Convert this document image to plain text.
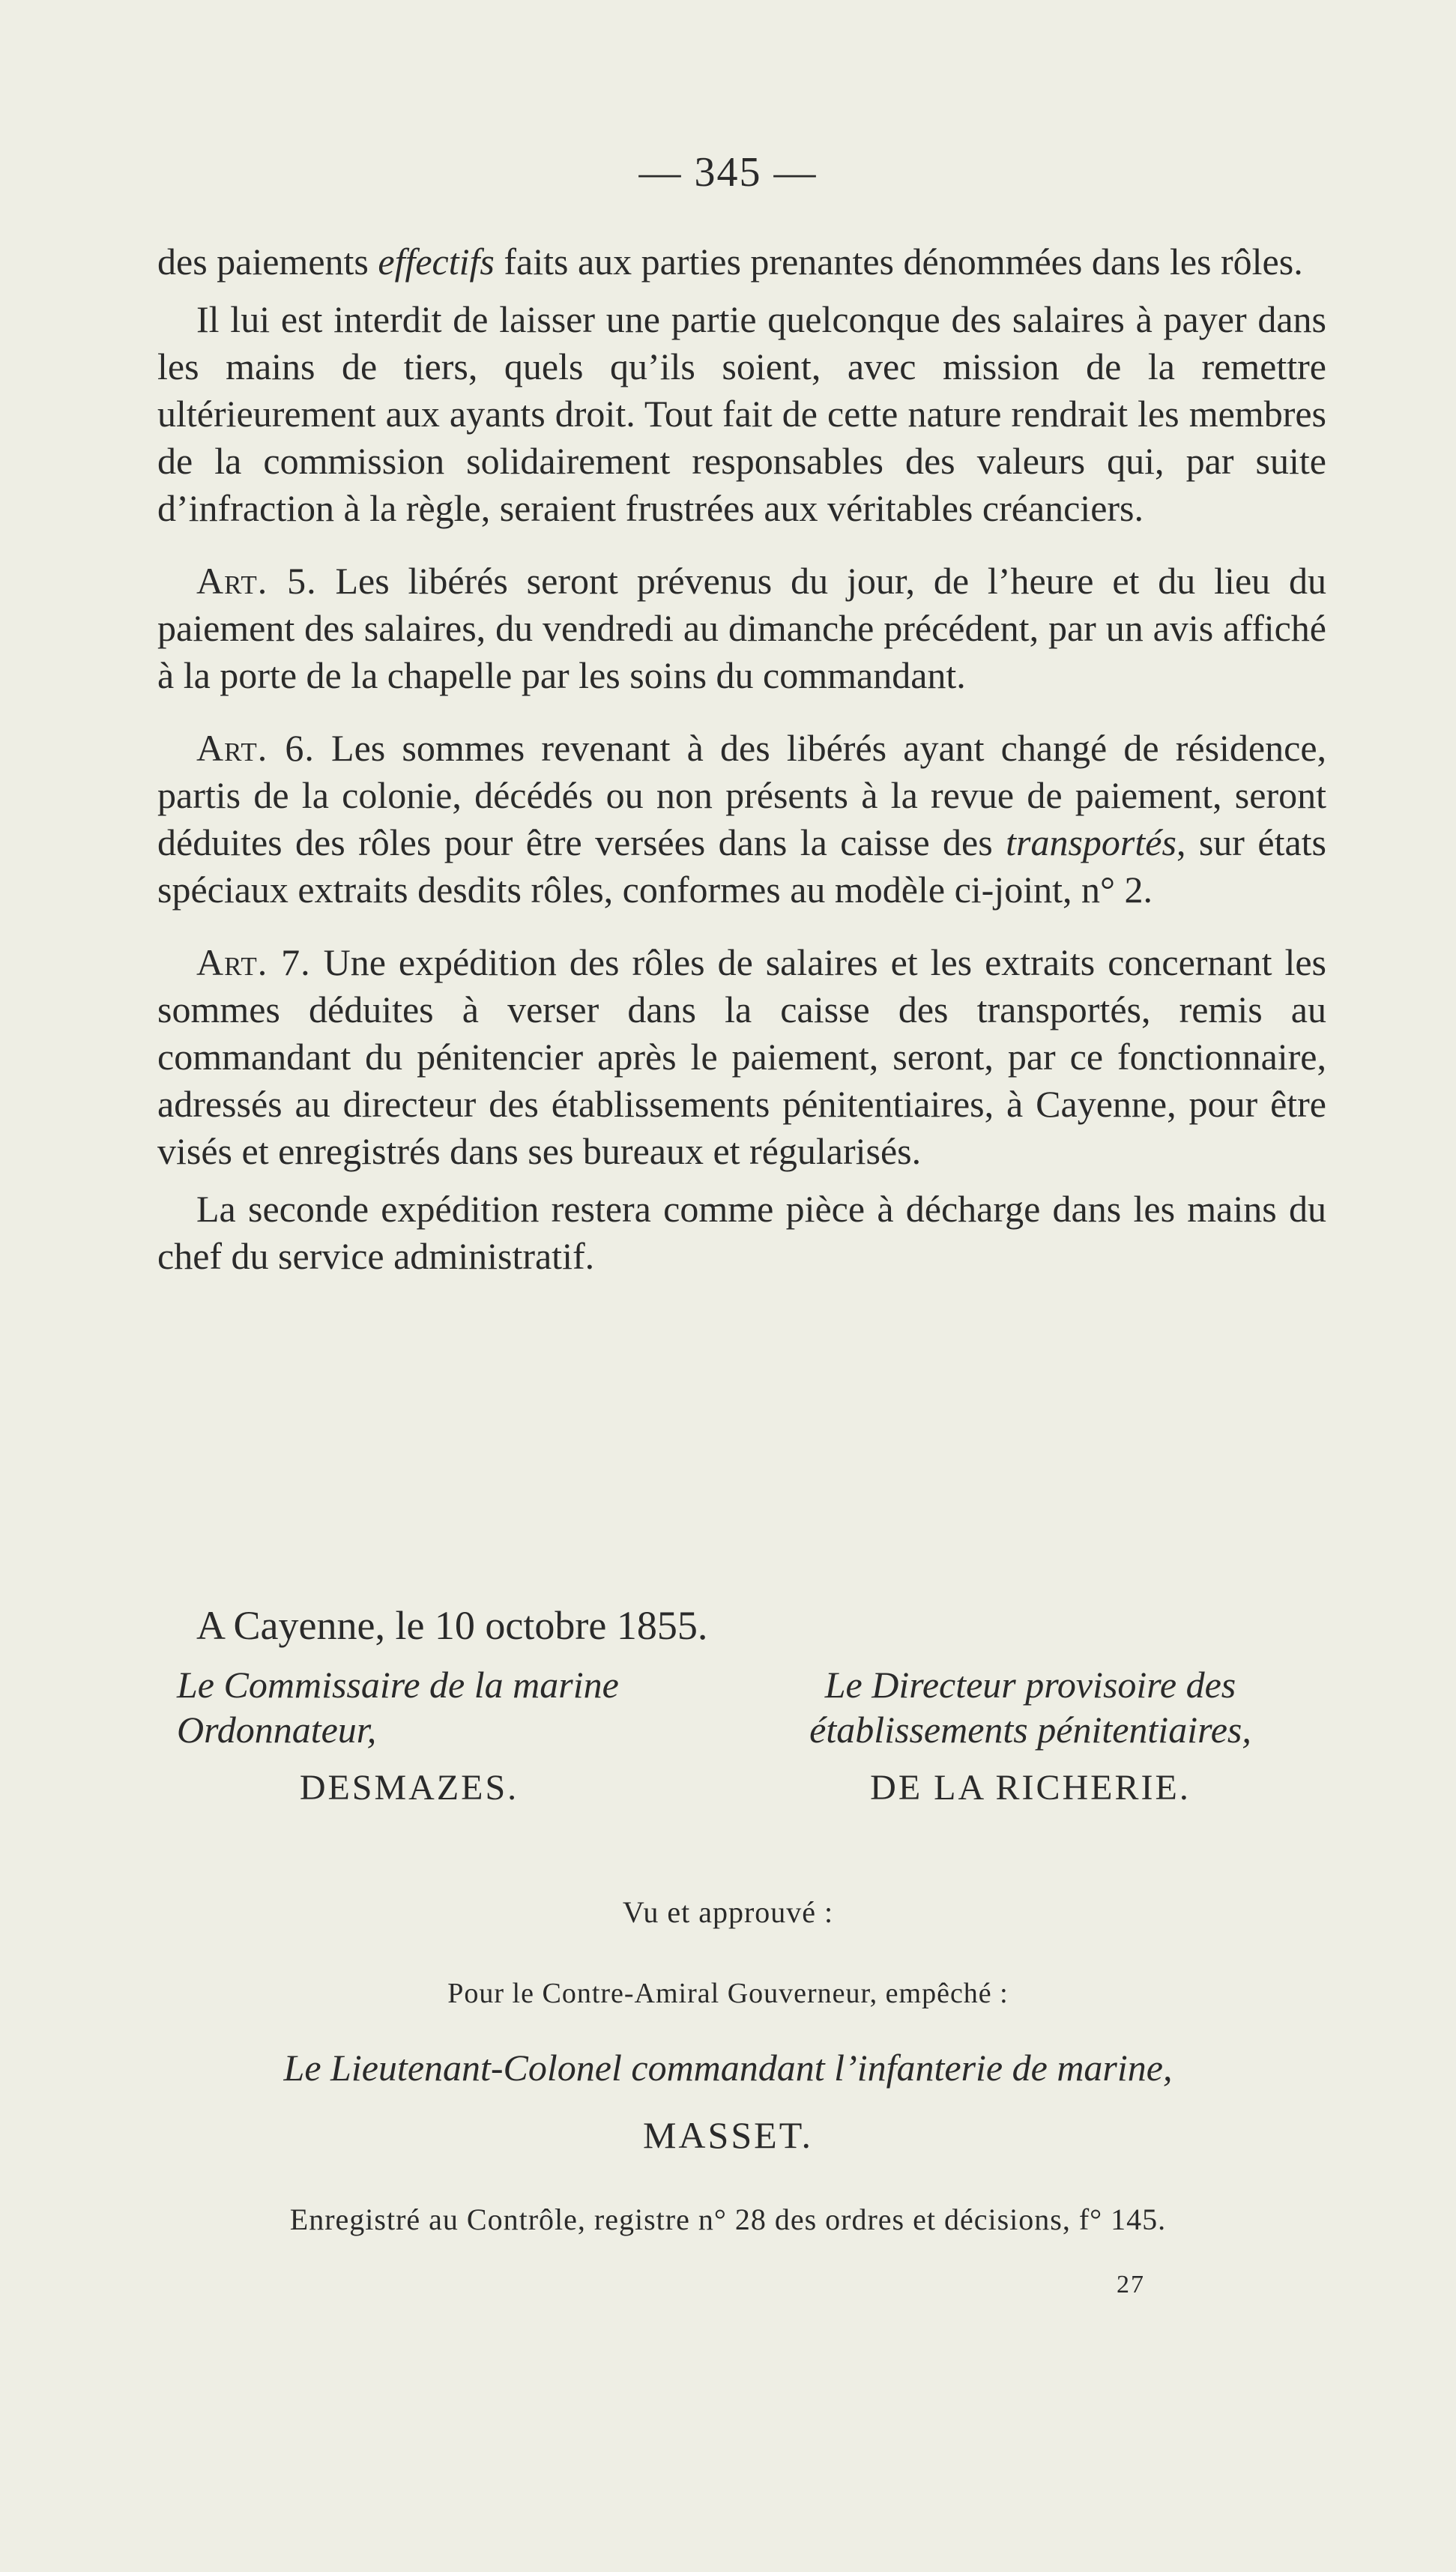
— 345 —

des paiements effectifs faits aux parties prenantes dénommées dans les rôles.

Il lui est interdit de laisser une partie quelconque des salaires à payer dans les mains de tiers, quels qu’ils soient, avec mission de la remettre ultérieurement aux ayants droit. Tout fait de cette nature rendrait les membres de la commission solidairement responsables des valeurs qui, par suite d’infraction à la règle, seraient frustrées aux véritables créanciers.

Art. 5. Les libérés seront prévenus du jour, de l’heure et du lieu du paiement des salaires, du vendredi au dimanche précédent, par un avis affiché à la porte de la chapelle par les soins du commandant.

Art. 6. Les sommes revenant à des libérés ayant changé de résidence, partis de la colonie, décédés ou non présents à la revue de paiement, seront déduites des rôles pour être versées dans la caisse des transportés, sur états spéciaux extraits desdits rôles, conformes au modèle ci-joint, n° 2.

Art. 7. Une expédition des rôles de salaires et les extraits concernant les sommes déduites à verser dans la caisse des transportés, remis au commandant du pénitencier après le paiement, seront, par ce fonctionnaire, adressés au directeur des établissements pénitentiaires, à Cayenne, pour être visés et enregistrés dans ses bureaux et régularisés.

La seconde expédition restera comme pièce à décharge dans les mains du chef du service administratif.

A Cayenne, le 10 octobre 1855.
Le Commissaire de la marine Ordonnateur,
DESMAZES.
Le Directeur provisoire des établissements pénitentiaires,
DE LA RICHERIE.
Vu et approuvé :
Pour le Contre-Amiral Gouverneur, empêché :
Le Lieutenant-Colonel commandant l’infanterie de marine,
MASSET.
Enregistré au Contrôle, registre n° 28 des ordres et décisions, f° 145.
27
